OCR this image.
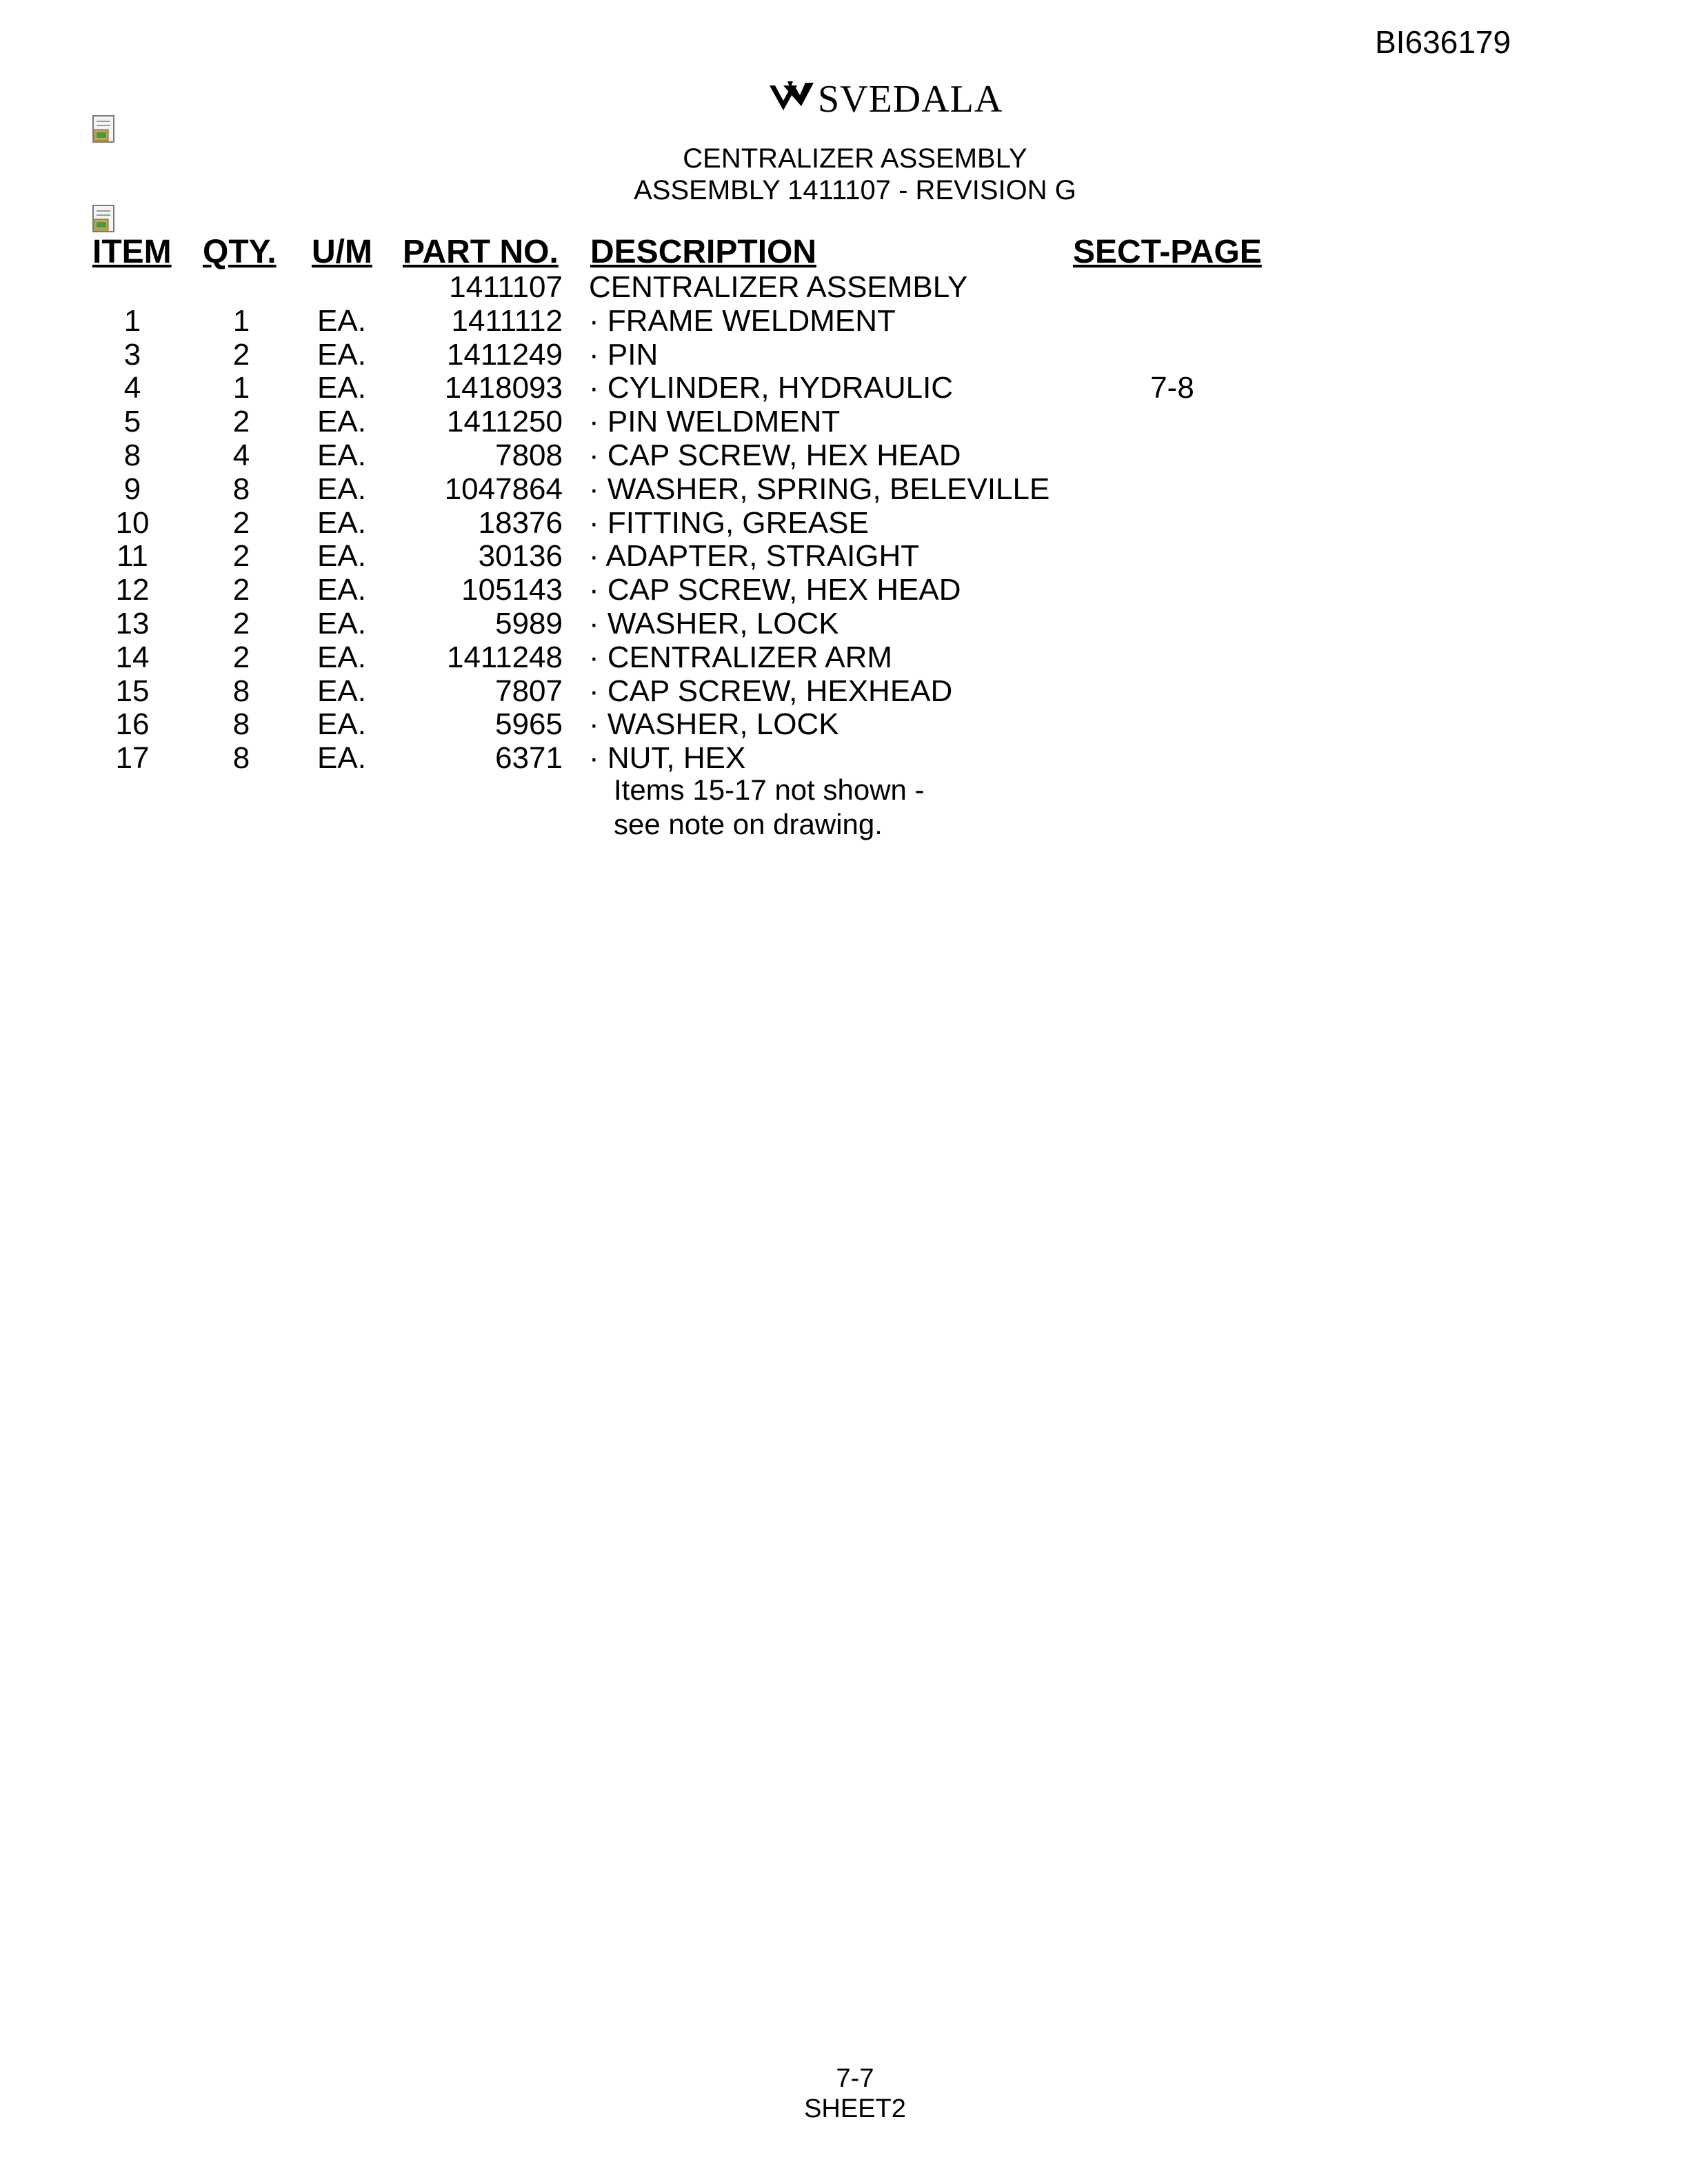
BI636179
SVEDALA
CENTRALIZER ASSEMBLY
ASSEMBLY 1411107 - REVISION G
ITEM QTY. U/M PART NO. DESCRIPTION	SECT-PAGE
1411107 CENTRALIZER ASSEMBLY
1	1	EA.	1411112 · FRAME WELDMENT
3	2	EA.	1411249 · PIN
4	1	EA.	1418093 · CYLINDER, HYDRAULIC	7-8
5	2	EA.	1411250 · PIN WELDMENT
8	4	EA.	7808 · CAP SCREW, HEX HEAD
9	8	EA.	1047864 · WASHER, SPRING, BELEVILLE
10	2	EA.	18376 · FITTING, GREASE
11	2	EA.	30136 · ADAPTER, STRAIGHT
12	2	EA.	105143 · CAP SCREW, HEX HEAD
13	2	EA.	5989 · WASHER, LOCK
14	2	EA.	1411248 · CENTRALIZER ARM
15	8	EA.	7807 · CAP SCREW, HEXHEAD
16	8	EA.	5965 · WASHER, LOCK
17	8	EA.	6371 · NUT, HEX
Items 15-17 not shown -
see note on drawing.
7-7
SHEET2
